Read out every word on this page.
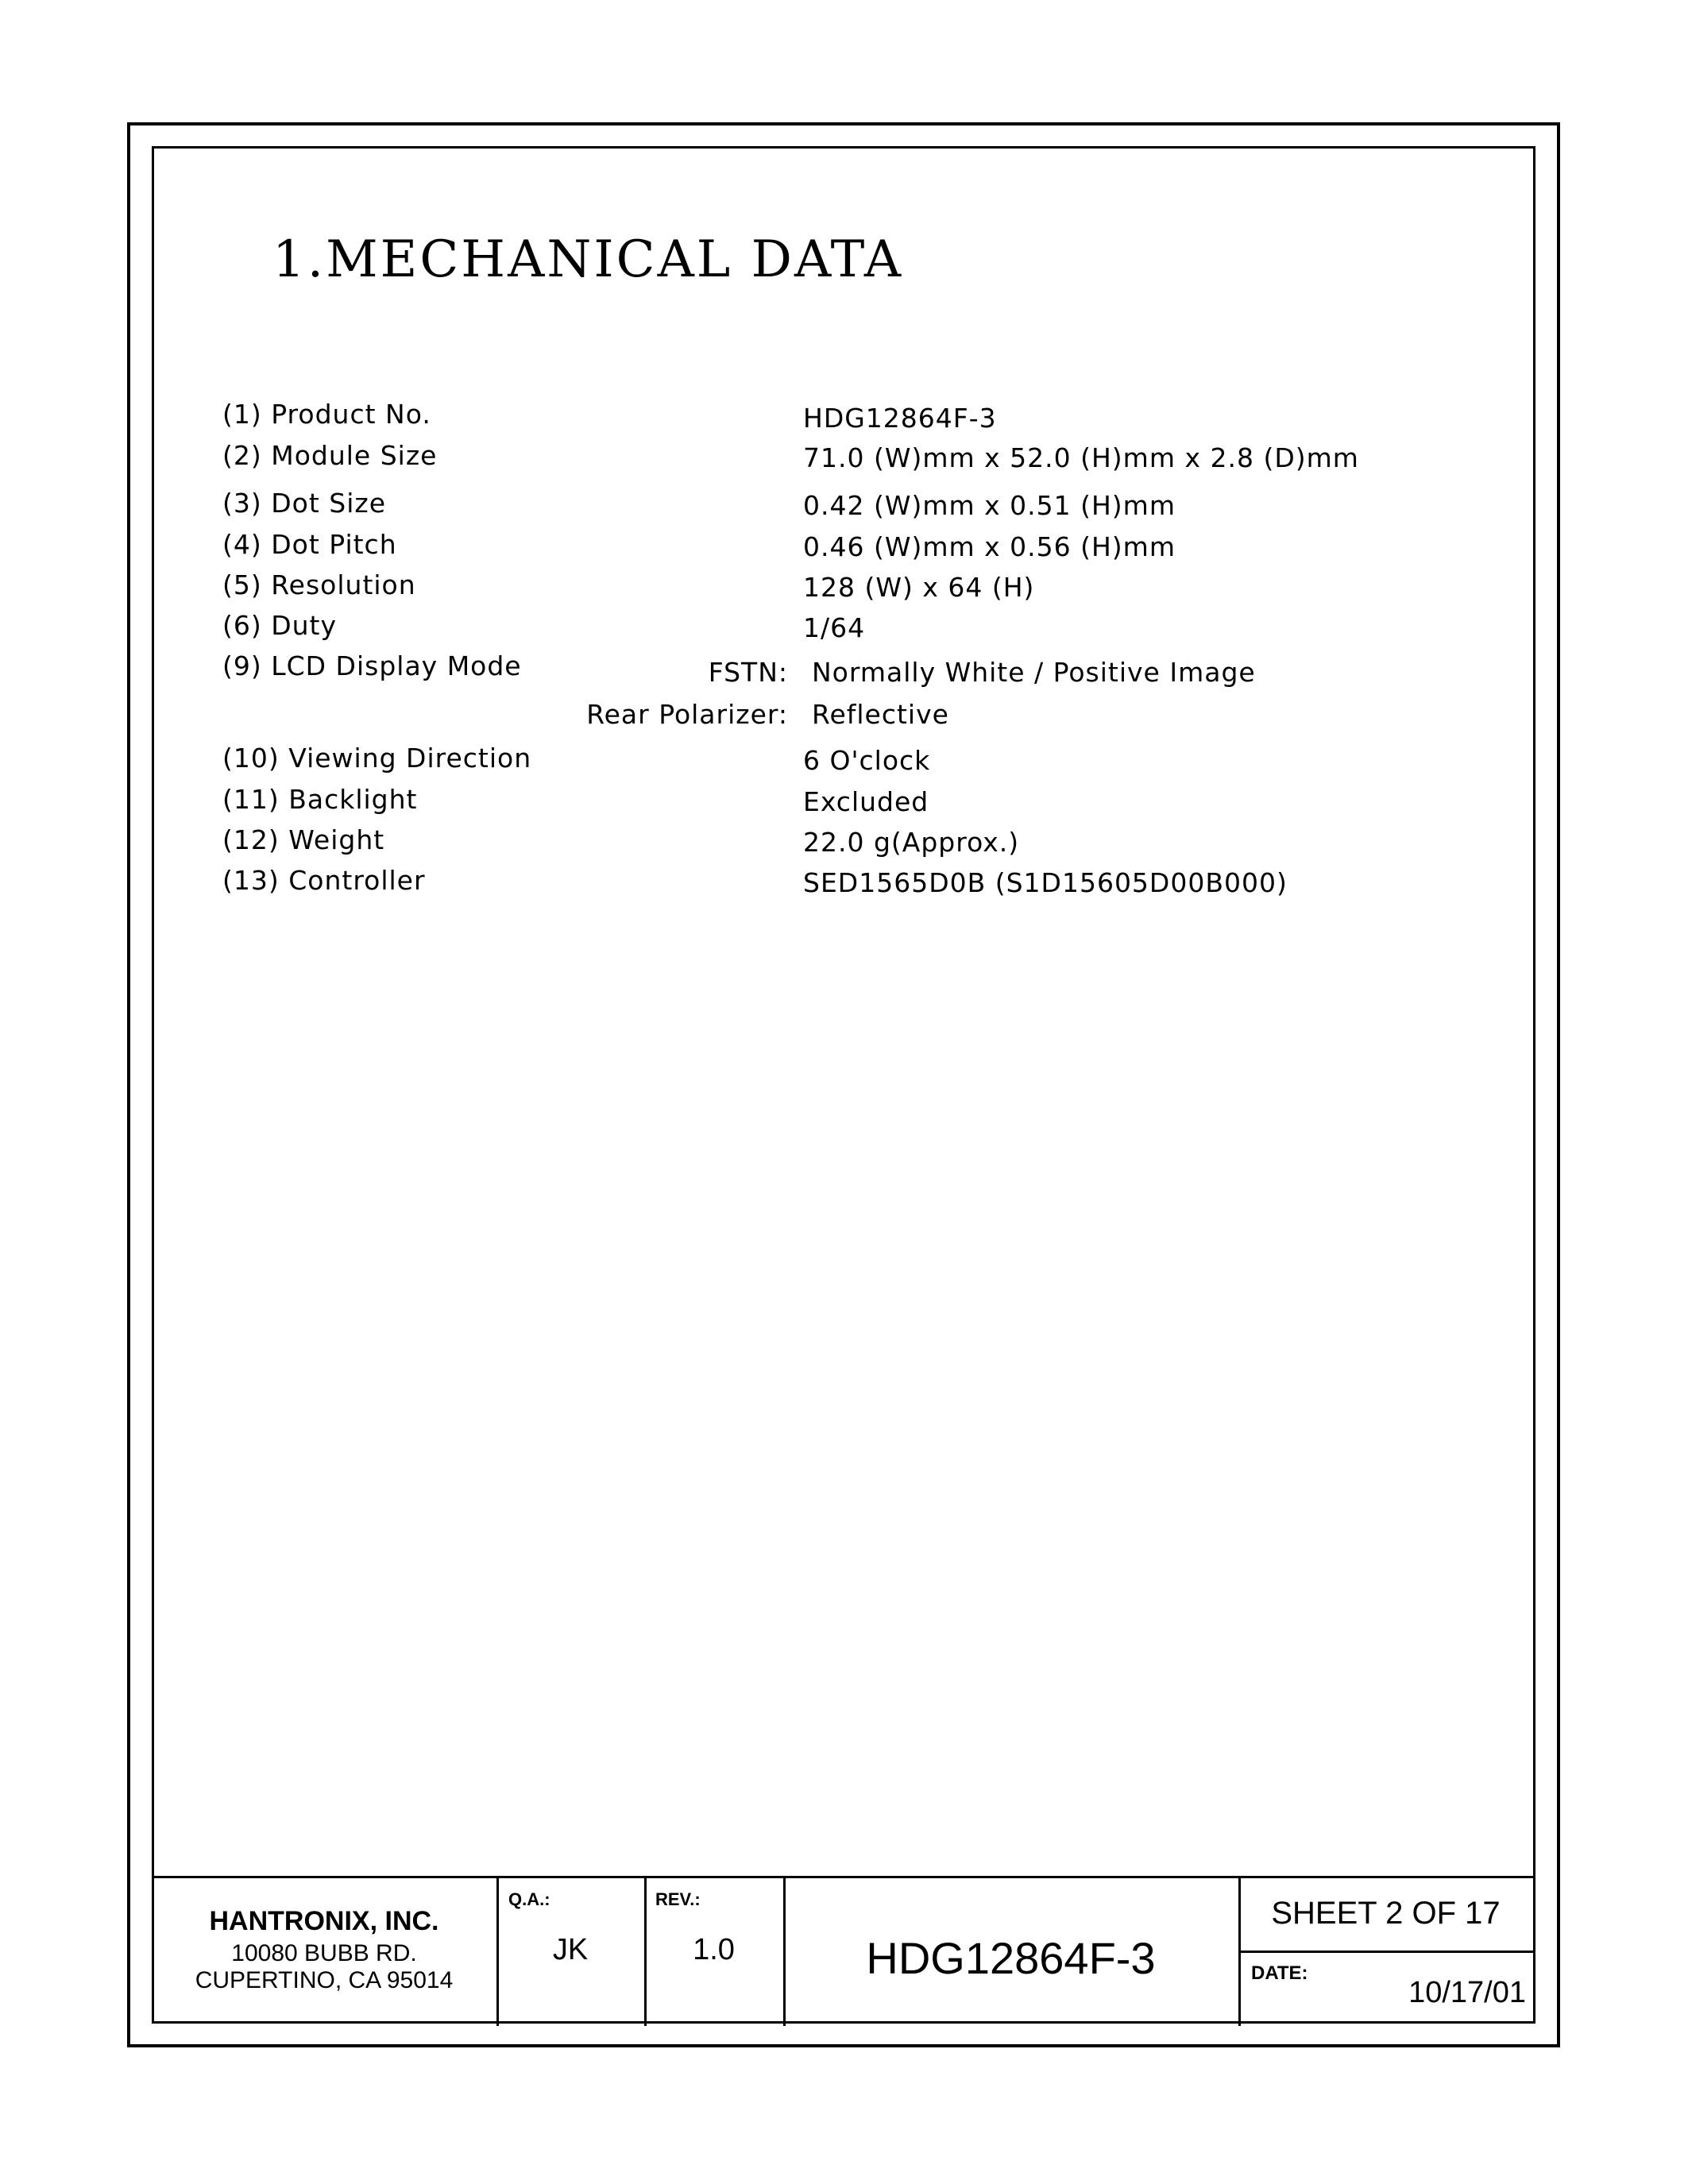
1.MECHANICAL DATA
(1) Product No.	HDG12864F-3
(2) Module Size	71.0 (W)mm x 52.0 (H)mm x 2.8 (D)mm
(3) Dot Size	0.42 (W)mm x 0.51 (H)mm
(4) Dot Pitch	0.46 (W)mm x 0.56 (H)mm
(5) Resolution	128 (W) x 64 (H)
(6) Duty	1/64
(9) LCD Display Mode	FSTN: Normally White / Positive Image
Rear Polarizer: Reflective
(10) Viewing Direction	6 O'clock
(11) Backlight	Excluded
(12) Weight	22.0 g(Approx.)
(13) Controller	SED1565D0B (S1D15605D00B000)
HANTRONIX, INC.
10080 BUBB RD.
CUPERTINO, CA 95014
Q.A.:
JK
REV.:
1.0	HDG12864F-3
SHEET 2 OF 17
DATE:
10/17/01
